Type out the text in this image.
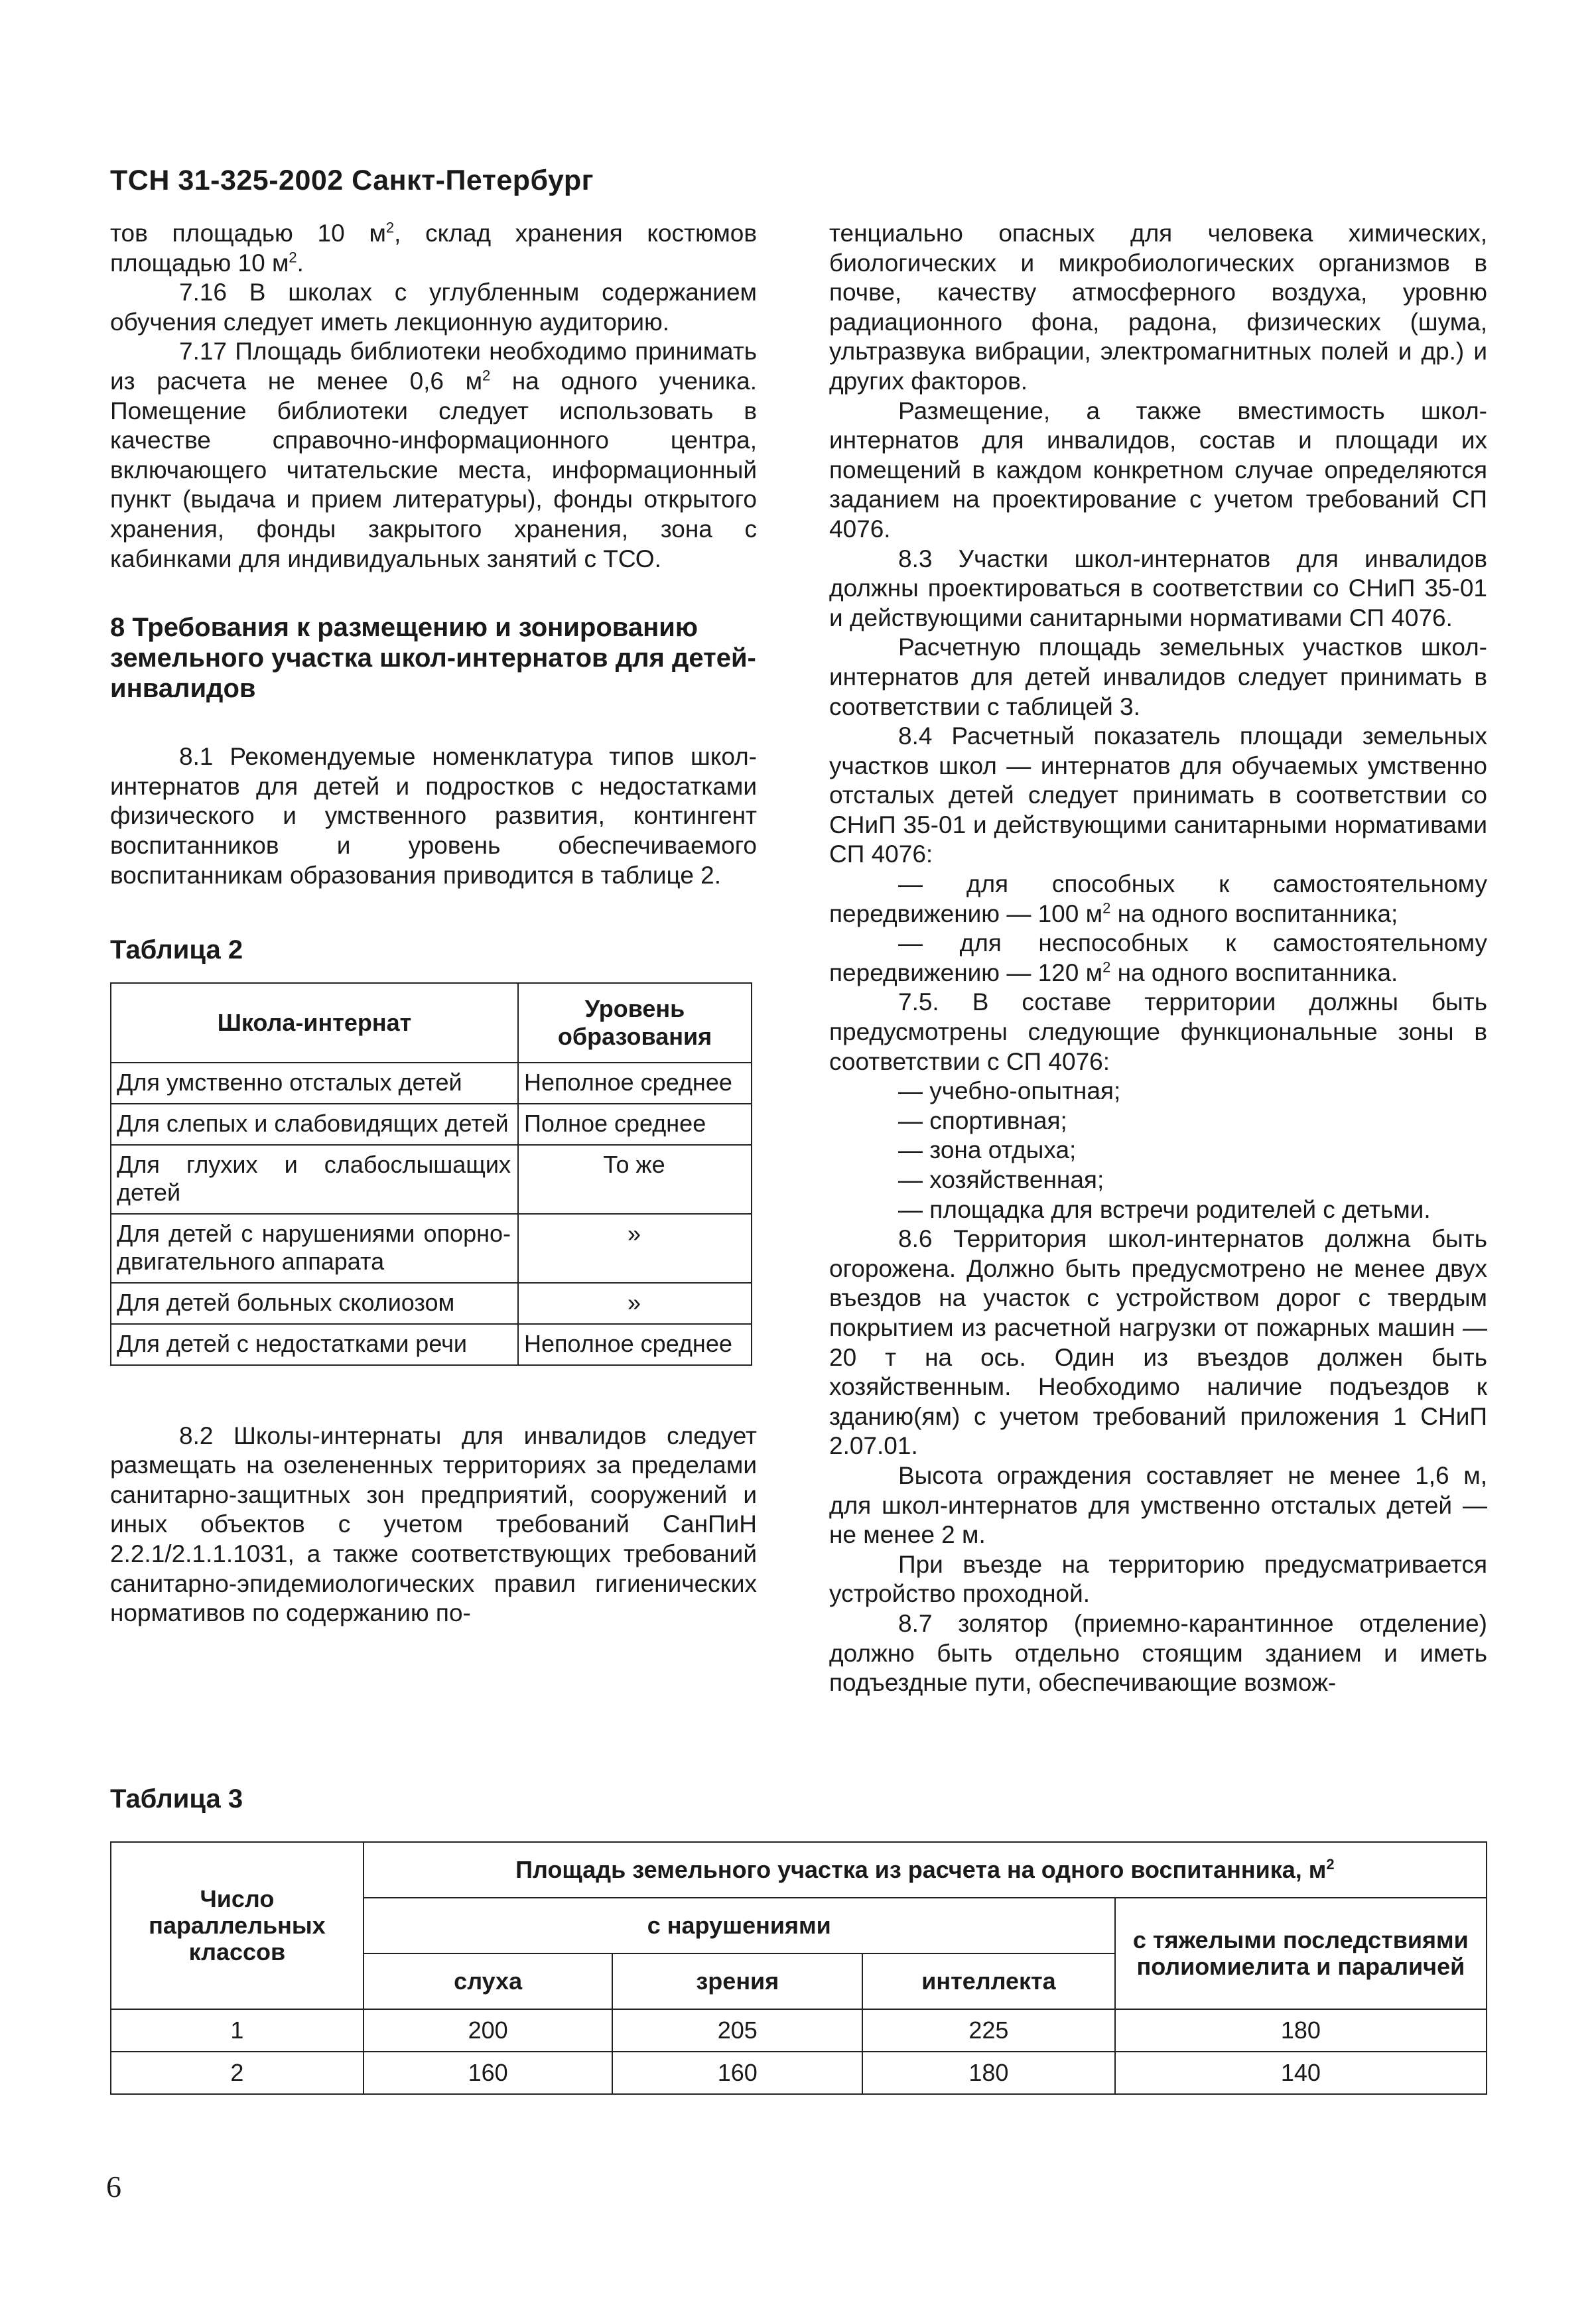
ТСН 31-325-2002 Санкт-Петербург

тов площадью 10 $м^2$, склад хранения костюмов площадью 10 $м^2$.

7.16 В школах с углубленным содержанием обучения следует иметь лекционную аудиторию.

7.17 Площадь библиотеки необходимо принимать из расчета не менее 0,6 $м^2$ на одного ученика. Помещение библиотеки следует использовать в качестве справочно-информационного центра, включающего читательские места, информационный пункт (выдача и прием литературы), фонды открытого хранения, фонды закрытого хранения, зона с кабинками для индивидуальных занятий с ТСО.

8 Требования к размещению и зонированию земельного участка школ-интернатов для детей-инвалидов

8.1 Рекомендуемые номенклатура типов школ-интернатов для детей и подростков с недостатками физического и умственного развития, контингент воспитанников и уровень обеспечиваемого воспитанникам образования приводится в таблице 2.

Таблица 2

Школа-интернат	Уровень образования
Для умственно отсталых детей	Неполное среднее
Для слепых и слабовидящих детей	Полное среднее
Для глухих и слабослышащих детей	То же
Для детей с нарушениями опорно-двигательного аппарата	»
Для детей больных сколиозом	»
Для детей с недостатками речи	Неполное среднее

8.2 Школы-интернаты для инвалидов следует размещать на озелененных территориях за пределами санитарно-защитных зон предприятий, сооружений и иных объектов с учетом требований СанПиН 2.2.1/2.1.1.1031, а также соответствующих требований санитарно-эпидемиологических правил гигиенических нормативов по содержанию по-

тенциально опасных для человека химических, биологических и микробиологических организмов в почве, качеству атмосферного воздуха, уровню радиационного фона, радона, физических (шума, ультразвука вибрации, электромагнитных полей и др.) и других факторов.

Размещение, а также вместимость школ-интернатов для инвалидов, состав и площади их помещений в каждом конкретном случае определяются заданием на проектирование с учетом требований СП 4076.

8.3 Участки школ-интернатов для инвалидов должны проектироваться в соответствии со СНиП 35-01 и действующими санитарными нормативами СП 4076.

Расчетную площадь земельных участков школ-интернатов для детей инвалидов следует принимать в соответствии с таблицей 3.

8.4 Расчетный показатель площади земельных участков школ — интернатов для обучаемых умственно отсталых детей следует принимать в соответствии со СНиП 35-01 и действующими санитарными нормативами СП 4076:

— для способных к самостоятельному передвижению — 100 $м^2$ на одного воспитанника;

— для неспособных к самостоятельному передвижению — 120 $м^2$ на одного воспитанника.

7.5. В составе территории должны быть предусмотрены следующие функциональные зоны в соответствии с СП 4076:

— учебно-опытная;

— спортивная;

— зона отдыха;

— хозяйственная;

— площадка для встречи родителей с детьми.

8.6 Территория школ-интернатов должна быть огорожена. Должно быть предусмотрено не менее двух въездов на участок с устройством дорог с твердым покрытием из расчетной нагрузки от пожарных машин — 20 т на ось. Один из въездов должен быть хозяйственным. Необходимо наличие подъездов к зданию(ям) с учетом требований приложения 1 СНиП 2.07.01.

Высота ограждения составляет не менее 1,6 м, для школ-интернатов для умственно отсталых детей — не менее 2 м.

При въезде на территорию предусматривается устройство проходной.

8.7 золятор (приемно-карантинное отделение) должно быть отдельно стоящим зданием и иметь подъездные пути, обеспечивающие возмож-

Таблица 3
Число параллельных классов	Площадь земельного участка из расчета на одного воспитанника, $м^2$
	с нарушениями			с тяжелыми последствиями полиомиелита и параличей
	слуха	зрения	интеллекта	
1	200	205	225	180
2	160	160	180	140
6
